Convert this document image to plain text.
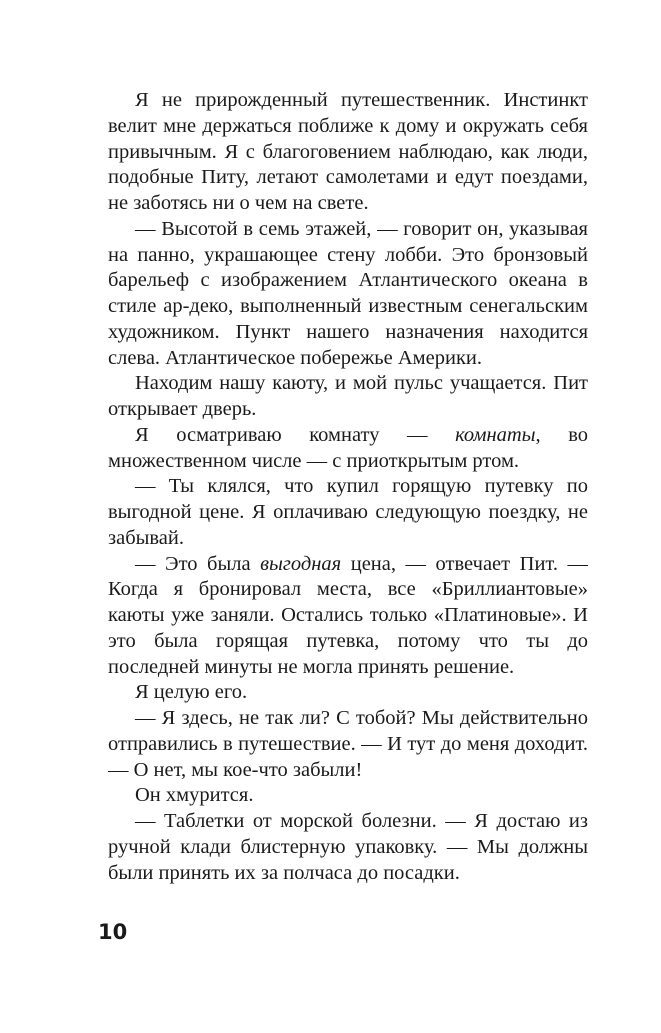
Я не прирожденный путешественник. Инстинкт велит мне держаться поближе к дому и окружать себя привычным. Я с благоговением наблюдаю, как люди, подобные Питу, летают самолетами и едут поездами, не заботясь ни о чем на свете.

— Высотой в семь этажей, — говорит он, указывая на панно, украшающее стену лобби. Это бронзовый барельеф с изображением Атлантического океана в стиле ар-деко, выполненный известным сенегальским художником. Пункт нашего назначения находится слева. Атлантическое побережье Америки.

Находим нашу каюту, и мой пульс учащается. Пит открывает дверь.

Я осматриваю комнату — комнаты, во множественном числе — с приоткрытым ртом.

— Ты клялся, что купил горящую путевку по выгодной цене. Я оплачиваю следующую поездку, не забывай.

— Это была выгодная цена, — отвечает Пит. — Когда я бронировал места, все «Бриллиантовые» каюты уже заняли. Остались только «Платиновые». И это была горящая путевка, потому что ты до последней минуты не могла принять решение.

Я целую его.

— Я здесь, не так ли? С тобой? Мы действительно отправились в путешествие. — И тут до меня доходит. — О нет, мы кое-что забыли!

Он хмурится.

— Таблетки от морской болезни. — Я достаю из ручной клади блистерную упаковку. — Мы должны были принять их за полчаса до посадки.

10
